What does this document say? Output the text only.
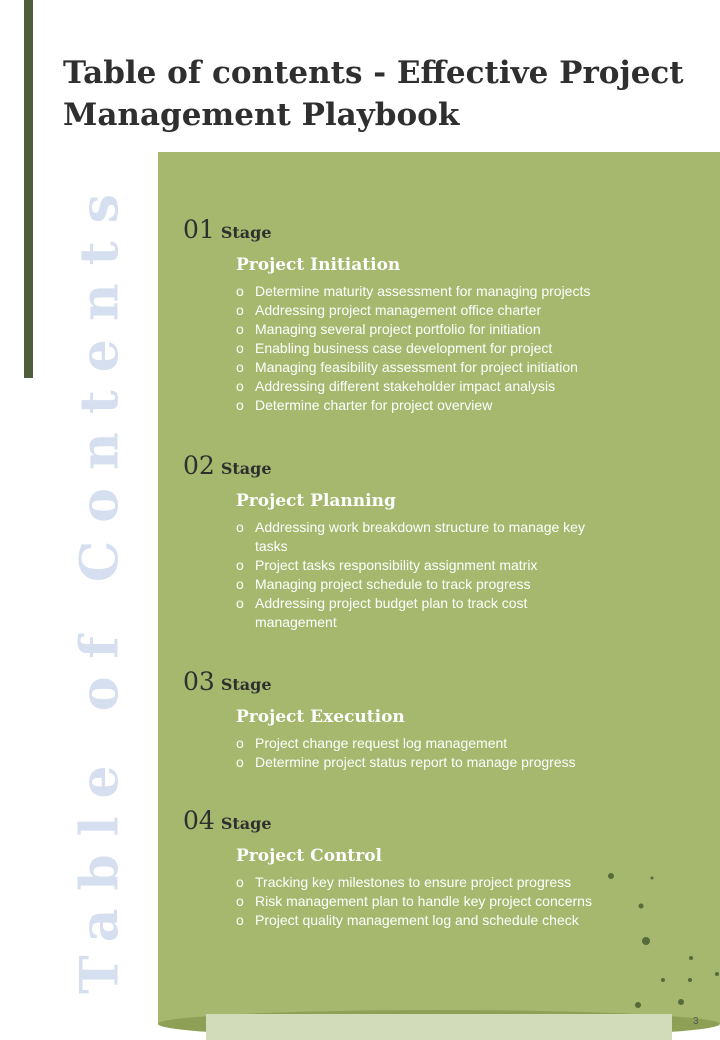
Table of contents - Effective Project Management Playbook
Table of Contents 01 Stage
Project Initiation
o Determine maturity assessment for managing projects
o Addressing project management office charter
o Managing several project portfolio for initiation
o Enabling business case development for project
o Managing feasibility assessment for project initiation
o Addressing different stakeholder impact analysis
o Determine charter for project overview
02 Stage
Project Planning
o Addressing work breakdown structure to manage key tasks
o Project tasks responsibility assignment matrix
o Managing project schedule to track progress
o Addressing project budget plan to track cost management
03 Stage
Project Execution
o Project change request log management
o Determine project status report to manage progress
04 Stage
Project Control
o Tracking key milestones to ensure project progress
o Risk management plan to handle key project concerns
o Project quality management log and schedule check
3
